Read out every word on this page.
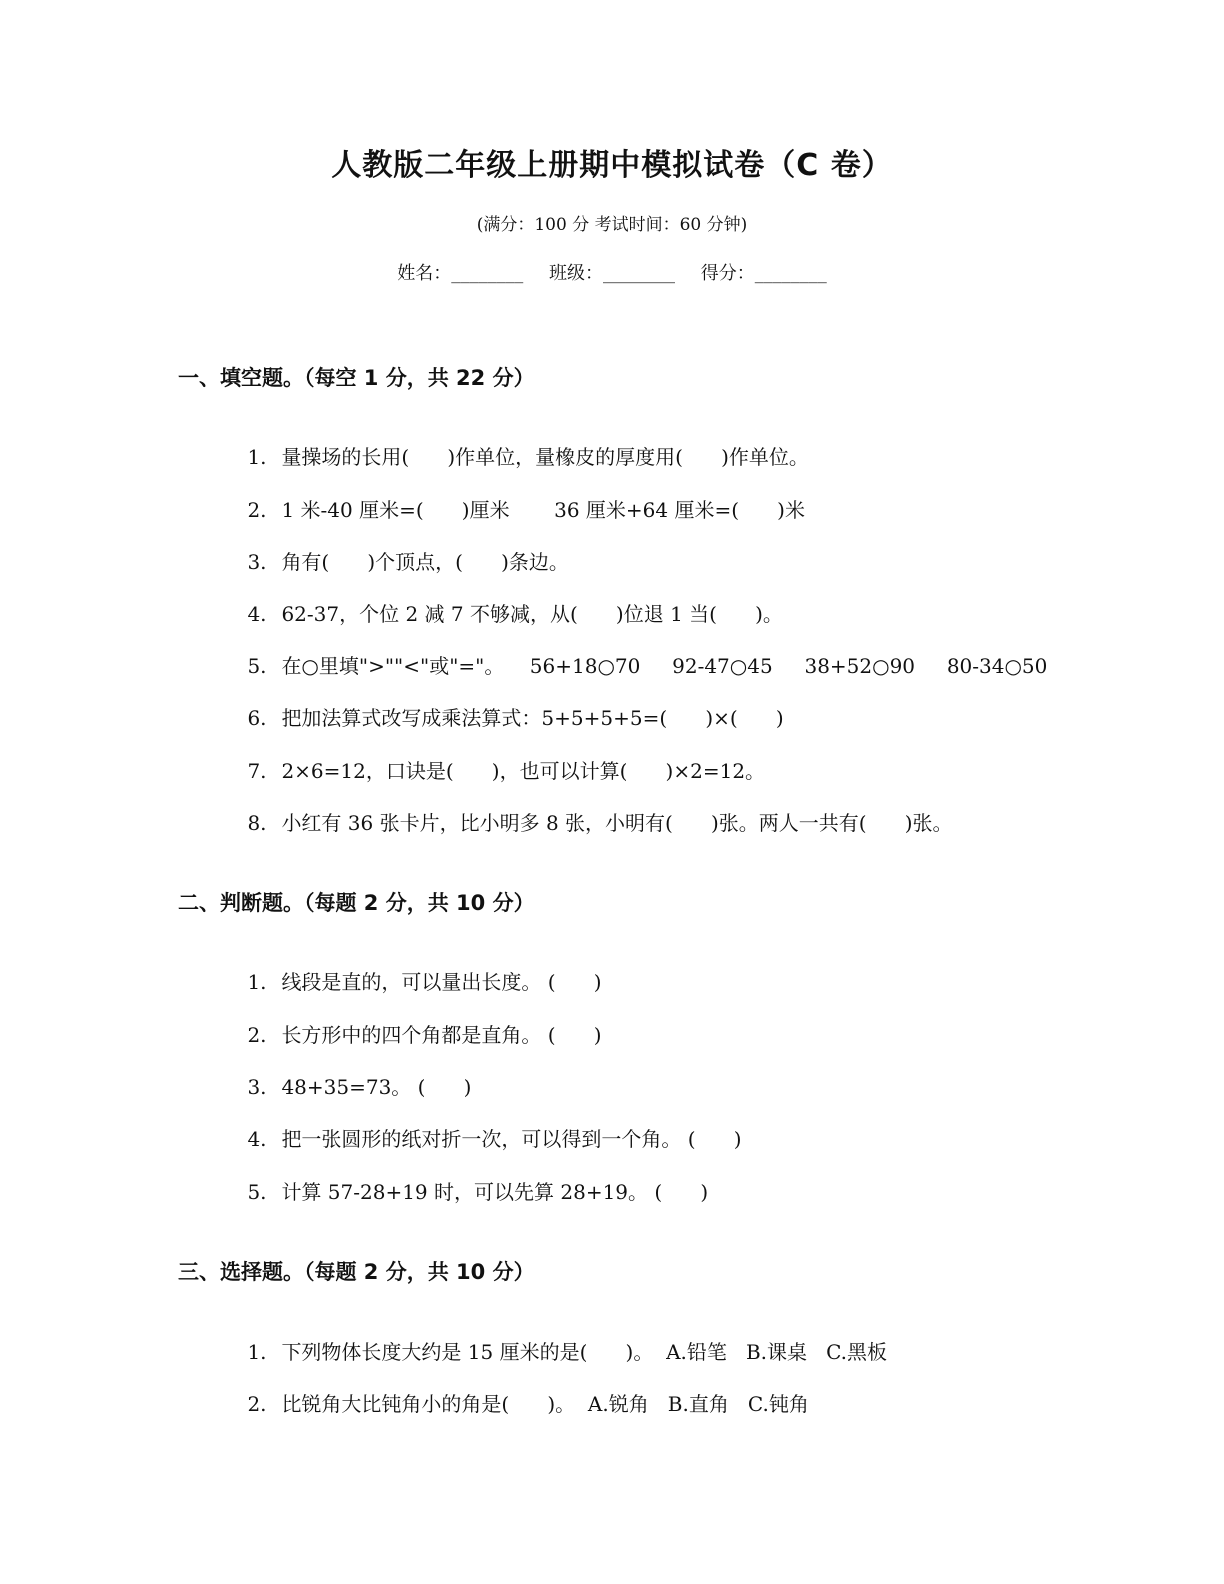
人教版二年级上册期中模拟试卷（C 卷）
(满分：100 分 考试时间：60 分钟)
姓名：________ 班级：________ 得分：________
一、填空题。（每空 1 分，共 22 分）

1. 量操场的长用(      )作单位，量橡皮的厚度用(      )作单位。

2. 1 米-40 厘米=(      )厘米       36 厘米+64 厘米=(      )米

3. 角有(      )个顶点，(      )条边。

4. 62-37，个位 2 减 7 不够减，从(      )位退 1 当(      )。

5. 在○里填">""<"或"="。    56+18○70     92-47○45     38+52○90     80-34○50

6. 把加法算式改写成乘法算式：5+5+5+5=(      )×(      )

7. 2×6=12，口诀是(      )，也可以计算(      )×2=12。

8. 小红有 36 张卡片，比小明多 8 张，小明有(      )张。两人一共有(      )张。

二、判断题。（每题 2 分，共 10 分）

1. 线段是直的，可以量出长度。 (      )

2. 长方形中的四个角都是直角。 (      )

3. 48+35=73。 (      )

4. 把一张圆形的纸对折一次，可以得到一个角。 (      )

5. 计算 57-28+19 时，可以先算 28+19。 (      )

三、选择题。（每题 2 分，共 10 分）

1. 下列物体长度大约是 15 厘米的是(      )。  A.铅笔   B.课桌   C.黑板

2. 比锐角大比钝角小的角是(      )。  A.锐角   B.直角   C.钝角
